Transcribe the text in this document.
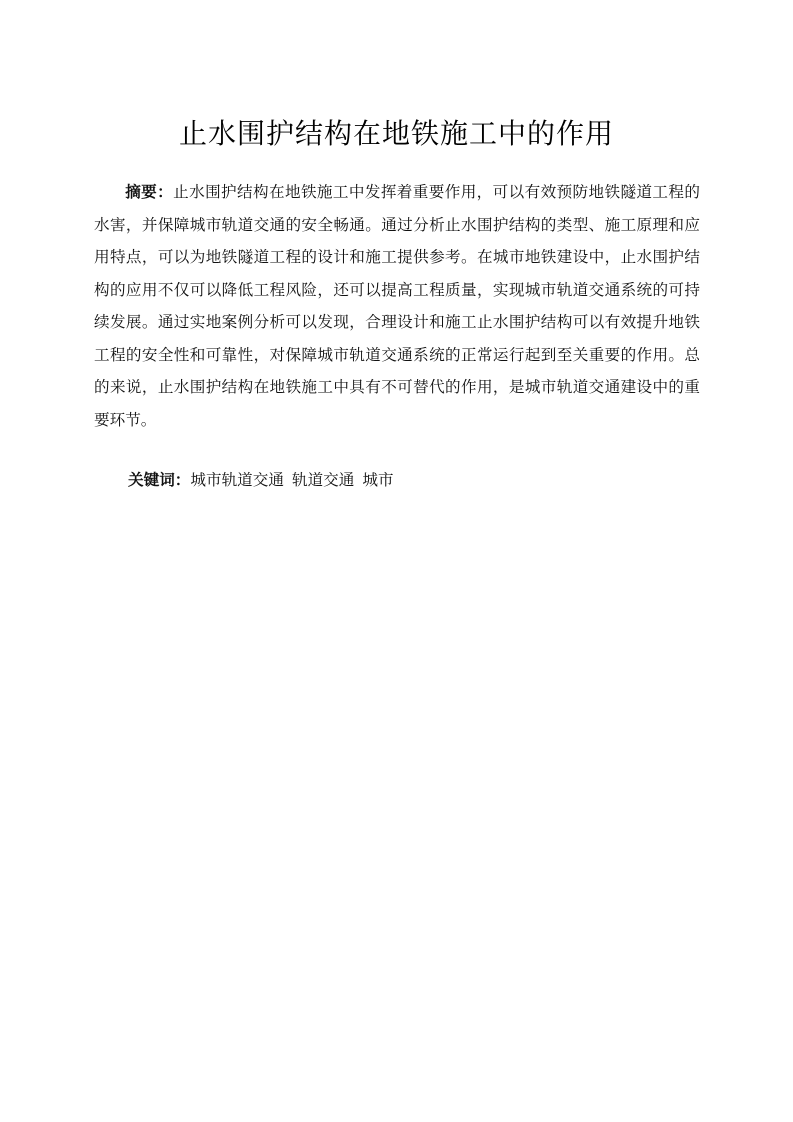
止水围护结构在地铁施工中的作用

摘要：止水围护结构在地铁施工中发挥着重要作用，可以有效预防地铁隧道工程的水害，并保障城市轨道交通的安全畅通。通过分析止水围护结构的类型、施工原理和应用特点，可以为地铁隧道工程的设计和施工提供参考。在城市地铁建设中，止水围护结构的应用不仅可以降低工程风险，还可以提高工程质量，实现城市轨道交通系统的可持续发展。通过实地案例分析可以发现，合理设计和施工止水围护结构可以有效提升地铁工程的安全性和可靠性，对保障城市轨道交通系统的正常运行起到至关重要的作用。总的来说，止水围护结构在地铁施工中具有不可替代的作用，是城市轨道交通建设中的重要环节。

关键词：城市轨道交通 轨道交通 城市
